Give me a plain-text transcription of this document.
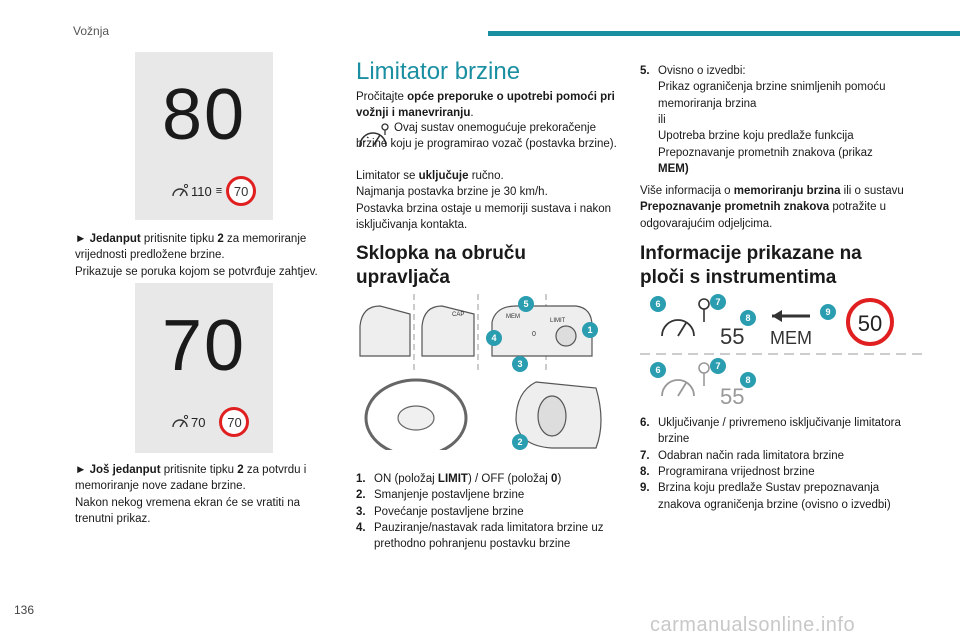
Vožnja
80
110 ≡ 70
► Jedanput pritisnite tipku 2 za memoriranje vrijednosti predložene brzine.
Prikazuje se poruka kojom se potvrđuje zahtjev.
70
70 70
► Još jedanput pritisnite tipku 2 za potvrdu i memoriranje nove zadane brzine.
Nakon nekog vremena ekran će se vratiti na trenutni prikaz.
Limitator brzine
Pročitajte opće preporuke o upotrebi pomoći pri vožnji i manevriranju.
Ovaj sustav onemogućuje prekoračenje brzine koju je programirao vozač (postavka brzine).
Limitator se uključuje ručno.
Najmanja postavka brzine je 30 km/h.
Postavka brzina ostaje u memoriji sustava i nakon isključivanja kontakta.
Sklopka na obruču upravljača
CAP	MEM
LIMIT
0
5
4
3
2
1
1. ON (položaj LIMIT) / OFF (položaj 0)
2. Smanjenje postavljene brzine
3. Povećanje postavljene brzine
4. Pauziranje/nastavak rada limitatora brzine uz prethodno pohranjenu postavku brzine
5. Ovisno o izvedbi:
Prikaz ograničenja brzine snimljenih pomoću memoriranja brzina
ili
Upotreba brzine koju predlaže funkcija Prepoznavanje prometnih znakova (prikaz
MEM)
Više informacija o memoriranju brzina ili o sustavu Prepoznavanje prometnih znakova potražite u odgovarajućim odjeljcima.
Informacije prikazane na ploči s instrumentima
55 MEM
50
55
6	7
8
9
6	7
8
6. Uključivanje / privremeno isključivanje limitatora brzine
7. Odabran način rada limitatora brzine
8. Programirana vrijednost brzine
9. Brzina koju predlaže Sustav prepoznavanja znakova ograničenja brzine (ovisno o izvedbi)
136
carmanualsonline.info
